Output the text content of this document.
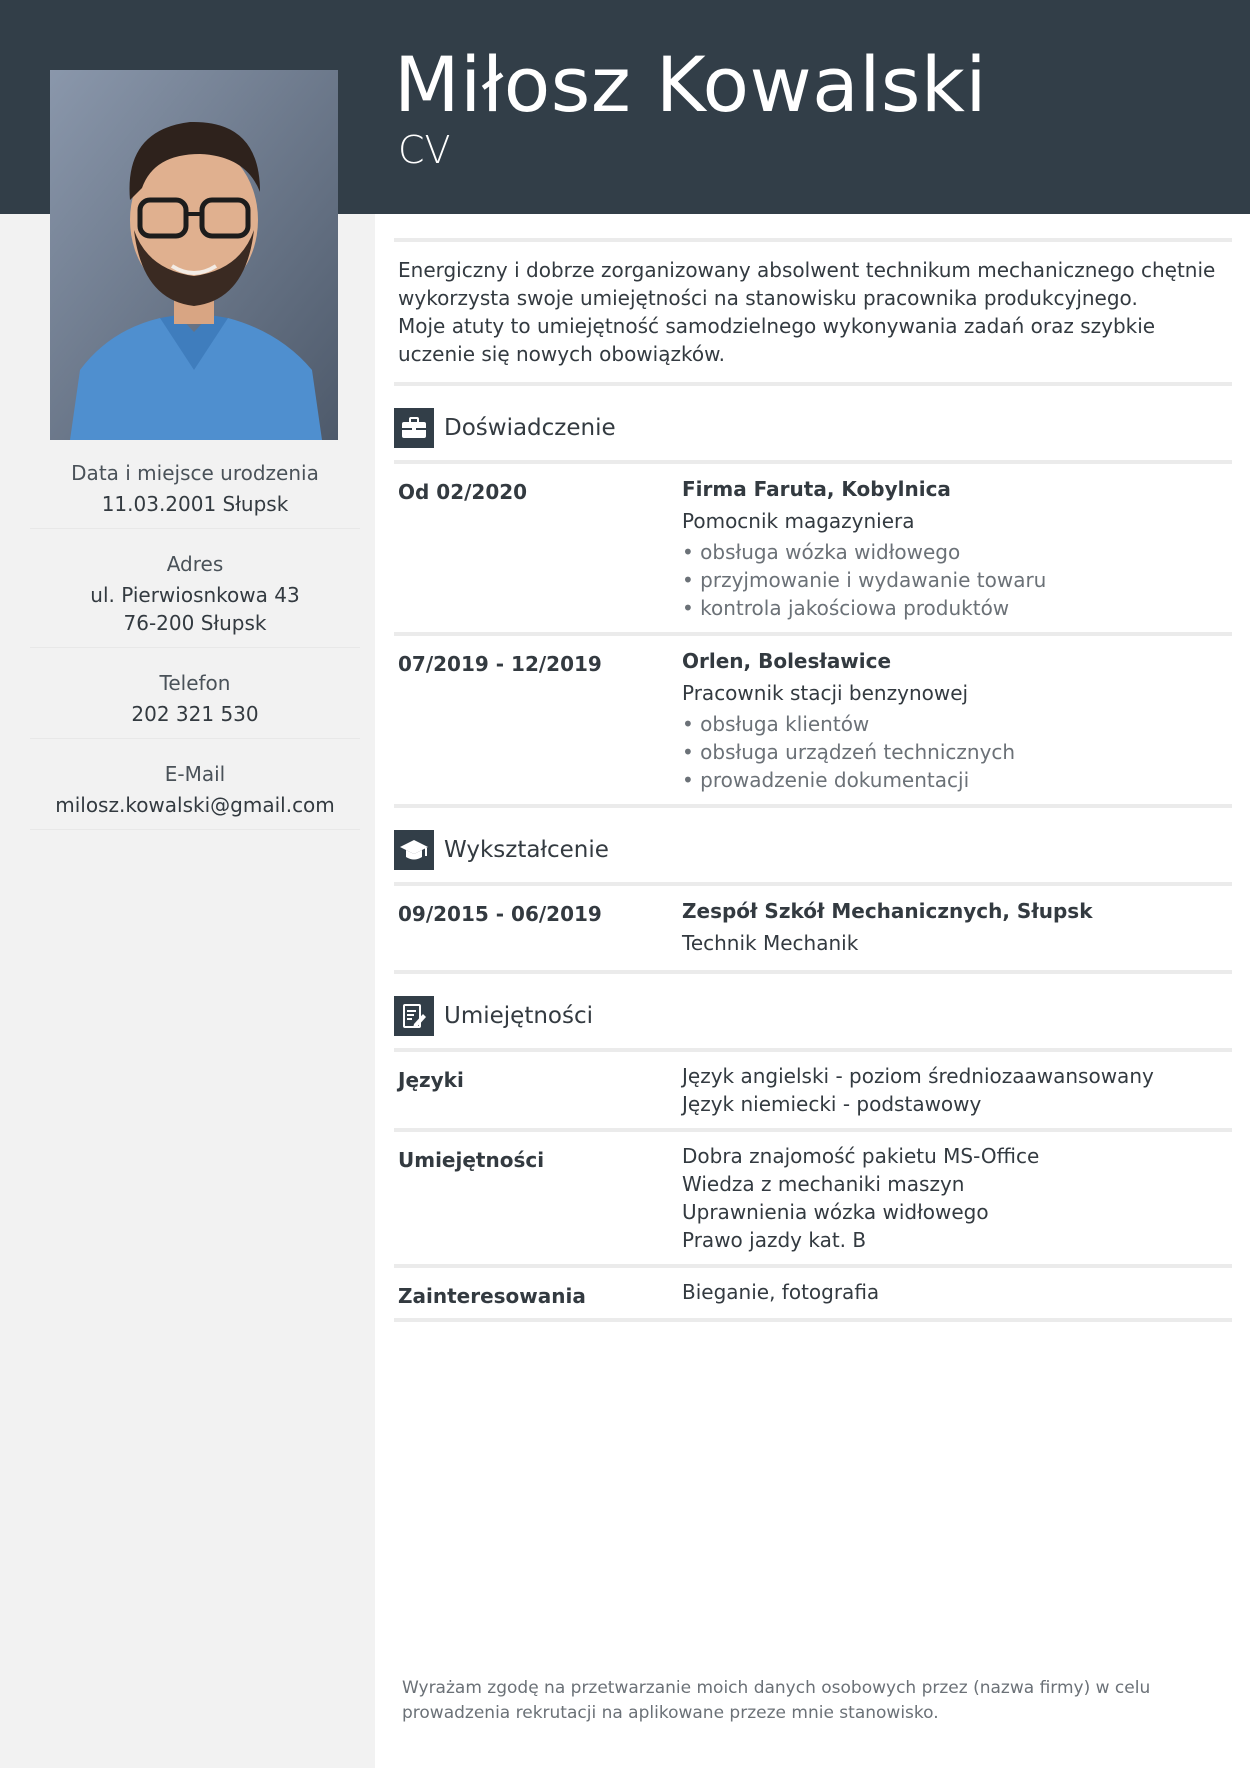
Miłosz Kowalski
CV
Data i miejsce urodzenia
11.03.2001 Słupsk
Adres
ul. Pierwiosnkowa 43
76-200 Słupsk
Telefon
202 321 530
E-Mail
milosz.kowalski@gmail.com
Energiczny i dobrze zorganizowany absolwent technikum mechanicznego chętnie wykorzysta swoje umiejętności na stanowisku pracownika produkcyjnego.
Moje atuty to umiejętność samodzielnego wykonywania zadań oraz szybkie uczenie się nowych obowiązków.
Doświadczenie
Od 02/2020	Firma Faruta, Kobylnica
Pomocnik magazyniera
• obsługa wózka widłowego
• przyjmowanie i wydawanie towaru
• kontrola jakościowa produktów
07/2019 - 12/2019	Orlen, Bolesławice
Pracownik stacji benzynowej
• obsługa klientów
• obsługa urządzeń technicznych
• prowadzenie dokumentacji
Wykształcenie
09/2015 - 06/2019	Zespół Szkół Mechanicznych, Słupsk
Technik Mechanik
Umiejętności
Języki	Język angielski - poziom średniozaawansowany
Język niemiecki - podstawowy
Umiejętności	Dobra znajomość pakietu MS-Office
Wiedza z mechaniki maszyn
Uprawnienia wózka widłowego
Prawo jazdy kat. B
Zainteresowania	Bieganie, fotografia
Wyrażam zgodę na przetwarzanie moich danych osobowych przez (nazwa firmy) w celu prowadzenia rekrutacji na aplikowane przeze mnie stanowisko.
